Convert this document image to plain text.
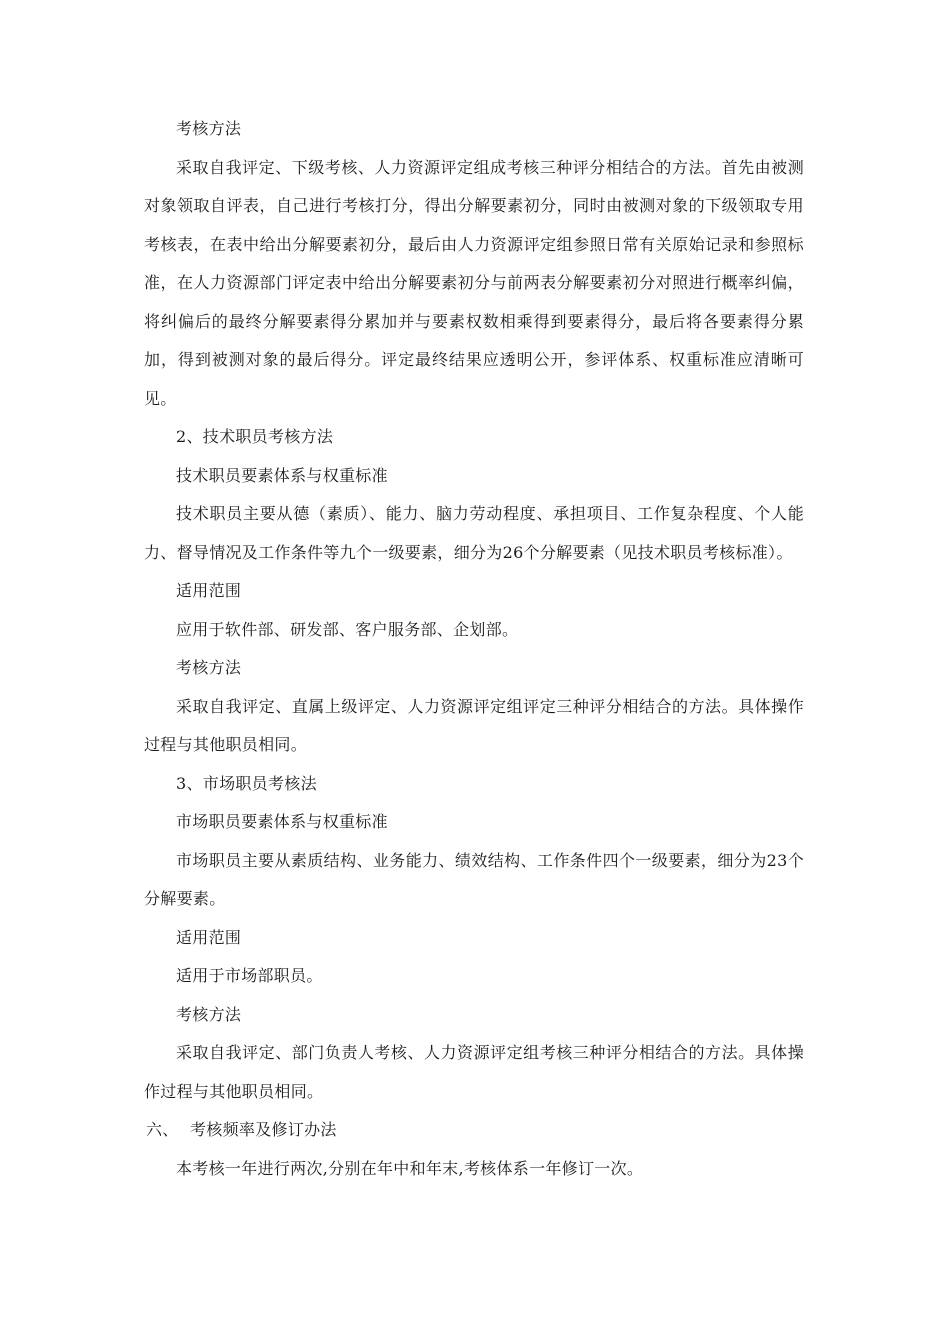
考核方法

采取自我评定、下级考核、人力资源评定组成考核三种评分相结合的方法。首先由被测对象领取自评表，自己进行考核打分，得出分解要素初分，同时由被测对象的下级领取专用考核表，在表中给出分解要素初分，最后由人力资源评定组参照日常有关原始记录和参照标准，在人力资源部门评定表中给出分解要素初分与前两表分解要素初分对照进行概率纠偏，将纠偏后的最终分解要素得分累加并与要素权数相乘得到要素得分，最后将各要素得分累加，得到被测对象的最后得分。评定最终结果应透明公开，参评体系、权重标准应清晰可见。

2、技术职员考核方法

技术职员要素体系与权重标准

技术职员主要从德（素质）、能力、脑力劳动程度、承担项目、工作复杂程度、个人能力、督导情况及工作条件等九个一级要素，细分为26个分解要素（见技术职员考核标准）。

适用范围

应用于软件部、研发部、客户服务部、企划部。

考核方法

采取自我评定、直属上级评定、人力资源评定组评定三种评分相结合的方法。具体操作过程与其他职员相同。

3、市场职员考核法

市场职员要素体系与权重标准

市场职员主要从素质结构、业务能力、绩效结构、工作条件四个一级要素，细分为23个分解要素。

适用范围

适用于市场部职员。

考核方法

采取自我评定、部门负责人考核、人力资源评定组考核三种评分相结合的方法。具体操作过程与其他职员相同。

六、 考核频率及修订办法

本考核一年进行两次,分别在年中和年末,考核体系一年修订一次。
